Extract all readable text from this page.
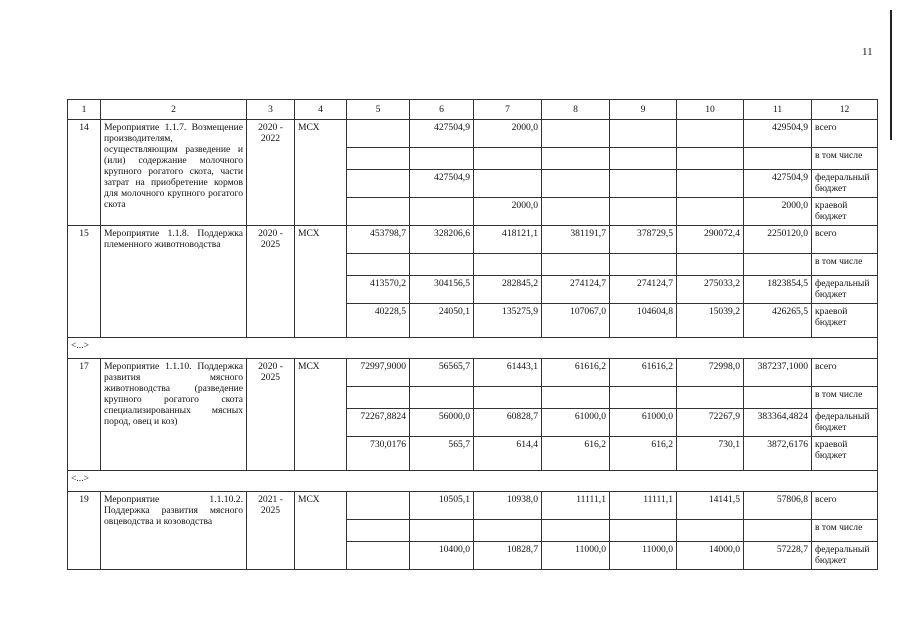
11
1	2	3	4	5	6	7	8	9	10	11	12
14	Мероприятие 1.1.7. Возмещение производителям, осуществляющим разведение и (или) содержание молочного крупного рогатого скота, части затрат на приобретение кормов для молочного крупного рогатого скота	2020 - 2022	МСХ		427504,9	2000,0				429504,9	всего
											в том числе
					427504,9					427504,9	федеральный бюджет
						2000,0				2000,0	краевой бюджет
15	Мероприятие 1.1.8. Поддержка племенного животноводства	2020 - 2025	МСХ	453798,7	328206,6	418121,1	381191,7	378729,5	290072,4	2250120,0	всего
											в том числе
				413570,2	304156,5	282845,2	274124,7	274124,7	275033,2	1823854,5	федеральный бюджет
				40228,5	24050,1	135275,9	107067,0	104604,8	15039,2	426265,5	краевой бюджет
<...>											
17	Мероприятие 1.1.10. Поддержка развития мясного животноводства (разведение крупного рогатого скота специализированных мясных пород, овец и коз)	2020 - 2025	МСХ	72997,9000	56565,7	61443,1	61616,2	61616,2	72998,0	387237,1000	всего
											в том числе
				72267,8824	56000,0	60828,7	61000,0	61000,0	72267,9	383364,4824	федеральный бюджет
				730,0176	565,7	614,4	616,2	616,2	730,1	3872,6176	краевой бюджет
<...>											
19	Мероприятие 1.1.10.2. Поддержка развития мясного овцеводства и козоводства	2021 - 2025	МСХ		10505,1	10938,0	11111,1	11111,1	14141,5	57806,8	всего
											в том числе
					10400,0	10828,7	11000,0	11000,0	14000,0	57228,7	федеральный бюджет
